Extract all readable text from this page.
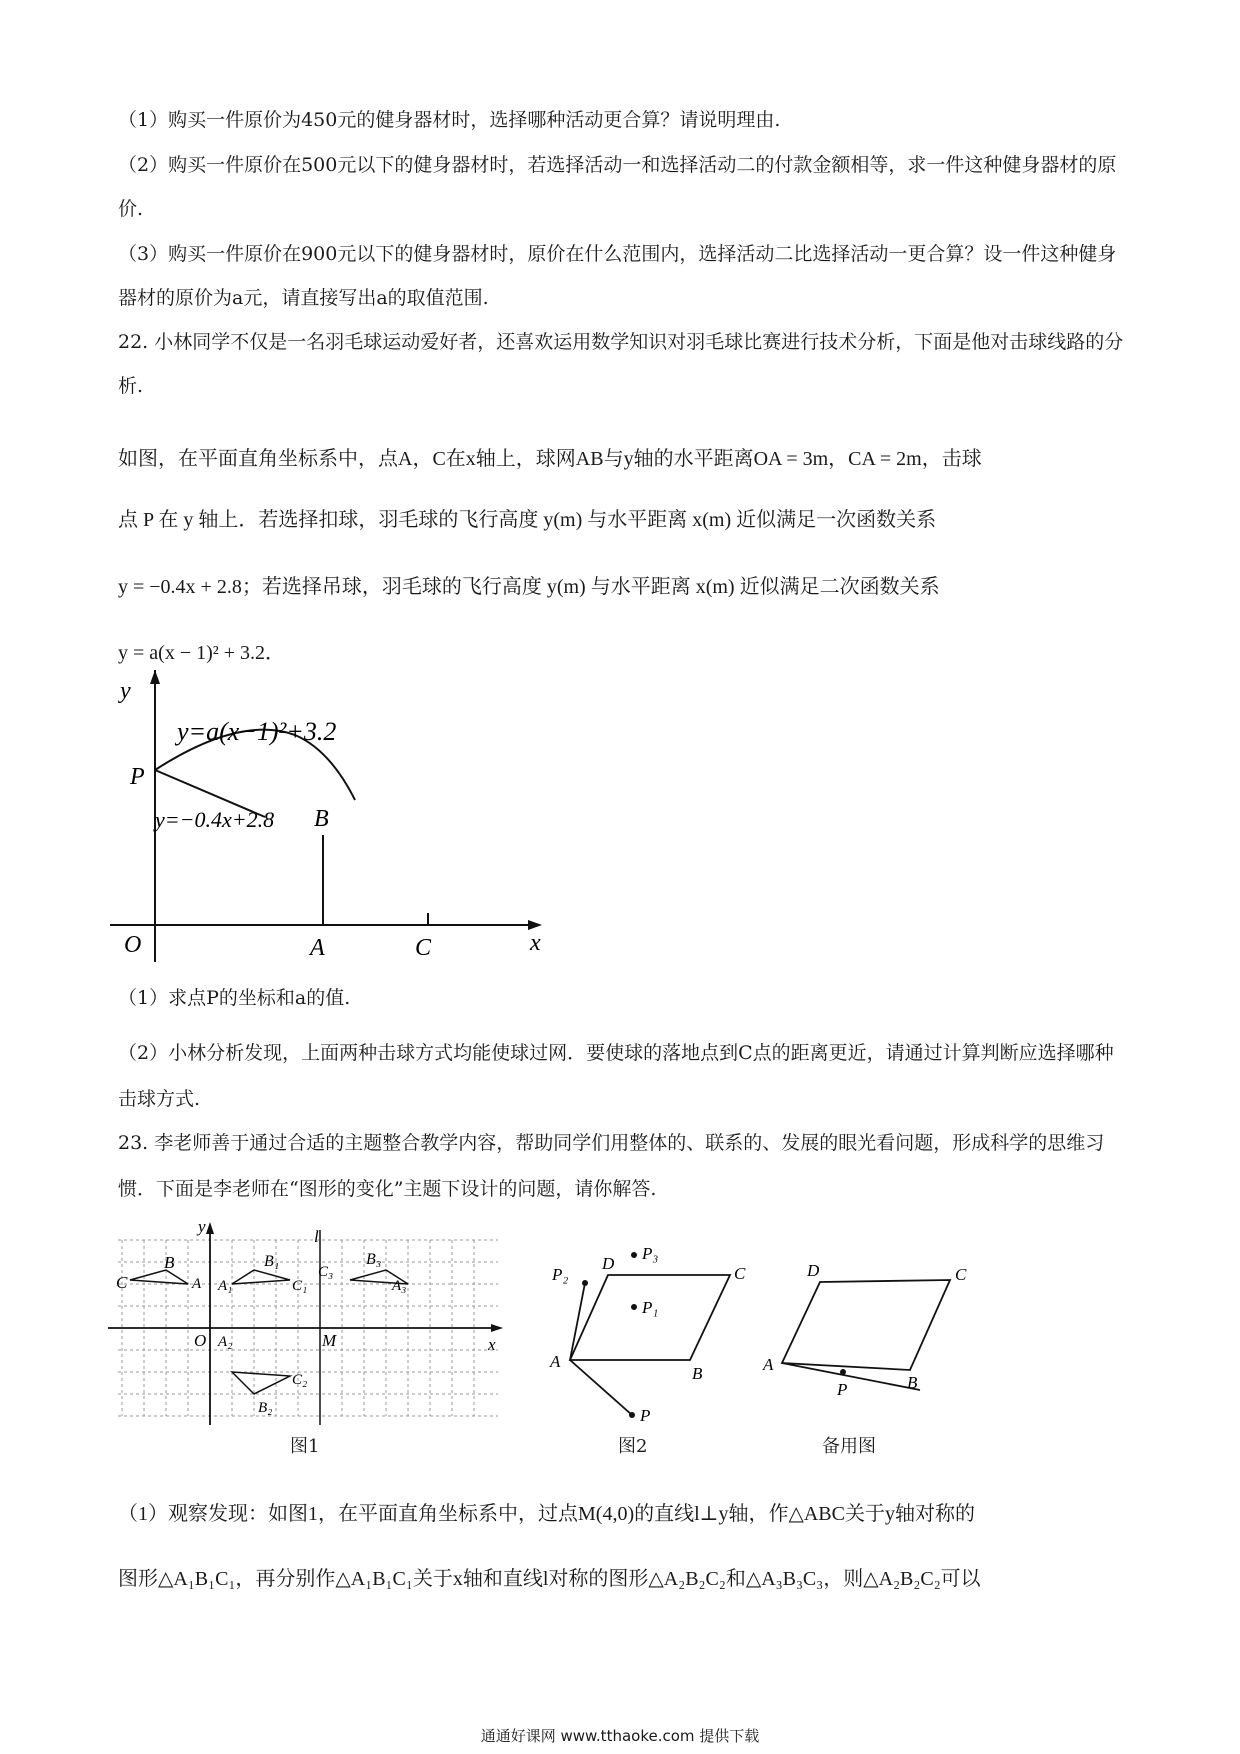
（1）购买一件原价为450元的健身器材时，选择哪种活动更合算？请说明理由.

（2）购买一件原价在500元以下的健身器材时，若选择活动一和选择活动二的付款金额相等，求一件这种健身器材的原价.

（3）购买一件原价在900元以下的健身器材时，原价在什么范围内，选择活动二比选择活动一更合算？设一件这种健身器材的原价为a元，请直接写出a的取值范围.

22. 小林同学不仅是一名羽毛球运动爱好者，还喜欢运用数学知识对羽毛球比赛进行技术分析，下面是他对击球线路的分析.

如图，在平面直角坐标系中，点A，C在x轴上，球网AB与y轴的水平距离OA = 3m，CA = 2m，击球

点 P 在 y 轴上．若选择扣球，羽毛球的飞行高度 y(m) 与水平距离 x(m) 近似满足一次函数关系

y = −0.4x + 2.8；若选择吊球，羽毛球的飞行高度 y(m) 与水平距离 x(m) 近似满足二次函数关系

y = a(x − 1)² + 3.2．

y
P
y=a(x−1)²+3.2
y=−0.4x+2.8 B
O	A	C	x

（1）求点P的坐标和a的值.

（2）小林分析发现，上面两种击球方式均能使球过网．要使球的落地点到C点的距离更近，请通过计算判断应选择哪种击球方式.

23. 李老师善于通过合适的主题整合教学内容，帮助同学们用整体的、联系的、发展的眼光看问题，形成科学的思维习惯．下面是李老师在“图形的变化”主题下设计的问题，请你解答.

y
l
B
C	A
B₁
A₁	C₁
C₃
B₃
A₃
O A₂	M
C₂
B₂
x
图1
P₂
D
P₃
C
P₁
A
B
P
图2
D	C
A
B
P
备用图

（1）观察发现：如图1，在平面直角坐标系中，过点M(4,0)的直线l⊥y轴，作△ABC关于y轴对称的

图形△A₁B₁C₁，再分别作△A₁B₁C₁关于x轴和直线l对称的图形△A₂B₂C₂和△A₃B₃C₃，则△A₂B₂C₂可以

通通好课网 www.tthaoke.com 提供下载
